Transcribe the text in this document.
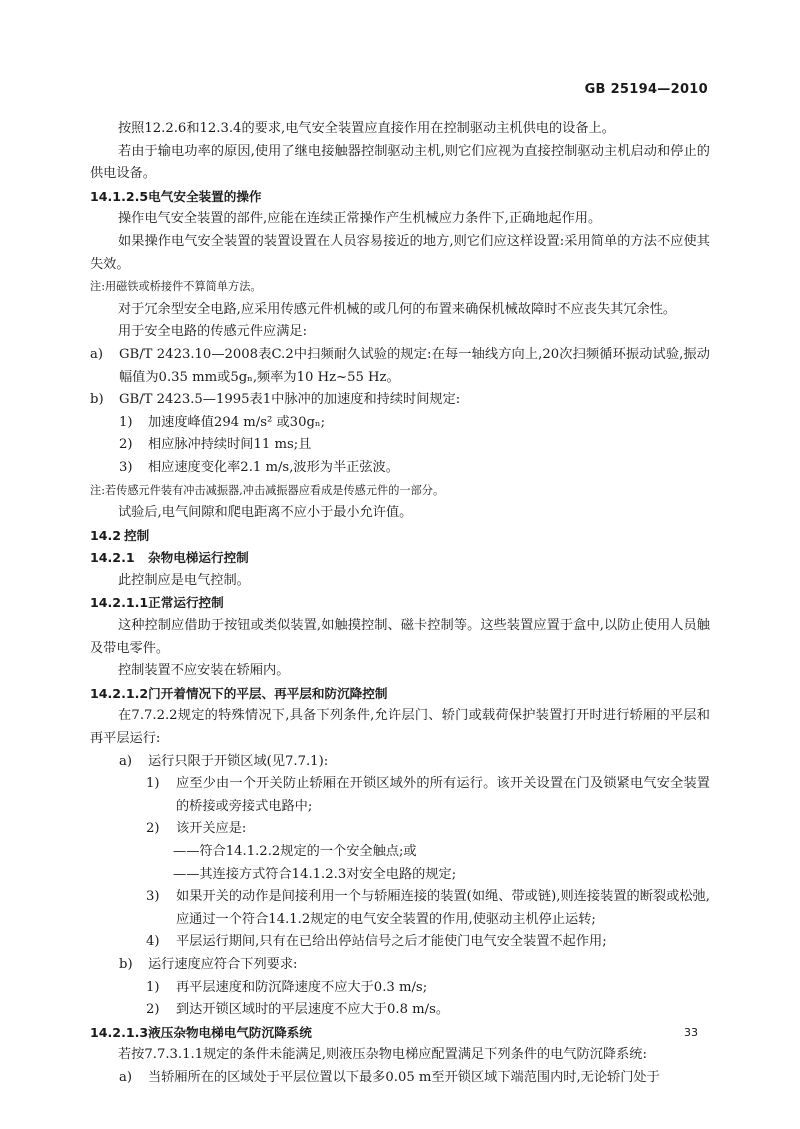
GB 25194—2010

按照12.2.6和12.3.4的要求,电气安全装置应直接作用在控制驱动主机供电的设备上。

若由于输电功率的原因,使用了继电接触器控制驱动主机,则它们应视为直接控制驱动主机启动和停止的供电设备。

14.1.2.5电气安全装置的操作

操作电气安全装置的部件,应能在连续正常操作产生机械应力条件下,正确地起作用。

如果操作电气安全装置的装置设置在人员容易接近的地方,则它们应这样设置:采用简单的方法不应使其失效。

注:用磁铁或桥接件不算简单方法。

对于冗余型安全电路,应采用传感元件机械的或几何的布置来确保机械故障时不应丧失其冗余性。

用于安全电路的传感元件应满足:

a)	GB/T 2423.10—2008表C.2中扫频耐久试验的规定:在每一轴线方向上,20次扫频循环振动试验,振动幅值为0.35 mm或5gₙ,频率为10 Hz~55 Hz。
b)	GB/T 2423.5—1995表1中脉冲的加速度和持续时间规定:
1)	加速度峰值294 m/s² 或30gₙ;
2)	相应脉冲持续时间11 ms;且
3)	相应速度变化率2.1 m/s,波形为半正弦波。

注:若传感元件装有冲击减振器,冲击减振器应看成是传感元件的一部分。

试验后,电气间隙和爬电距离不应小于最小允许值。

14.2 控制
14.2.1 杂物电梯运行控制

此控制应是电气控制。

14.2.1.1正常运行控制

这种控制应借助于按钮或类似装置,如触摸控制、磁卡控制等。这些装置应置于盒中,以防止使用人员触及带电零件。

控制装置不应安装在轿厢内。

14.2.1.2门开着情况下的平层、再平层和防沉降控制

在7.7.2.2规定的特殊情况下,具备下列条件,允许层门、轿门或载荷保护装置打开时进行轿厢的平层和再平层运行:

a)	运行只限于开锁区域(见7.7.1):
1)	应至少由一个开关防止轿厢在开锁区域外的所有运行。该开关设置在门及锁紧电气安全装置的桥接或旁接式电路中;
2)	该开关应是:
——符合14.1.2.2规定的一个安全触点;或
——其连接方式符合14.1.2.3对安全电路的规定;
3)	如果开关的动作是间接利用一个与轿厢连接的装置(如绳、带或链),则连接装置的断裂或松弛,应通过一个符合14.1.2规定的电气安全装置的作用,使驱动主机停止运转;
4)	平层运行期间,只有在已给出停站信号之后才能使门电气安全装置不起作用;
b)	运行速度应符合下列要求:
1)	再平层速度和防沉降速度不应大于0.3 m/s;
2)	到达开锁区域时的平层速度不应大于0.8 m/s。
14.2.1.3液压杂物电梯电气防沉降系统

若按7.7.3.1.1规定的条件未能满足,则液压杂物电梯应配置满足下列条件的电气防沉降系统:

a)	当轿厢所在的区域处于平层位置以下最多0.05 m至开锁区域下端范围内时,无论轿门处于
33
